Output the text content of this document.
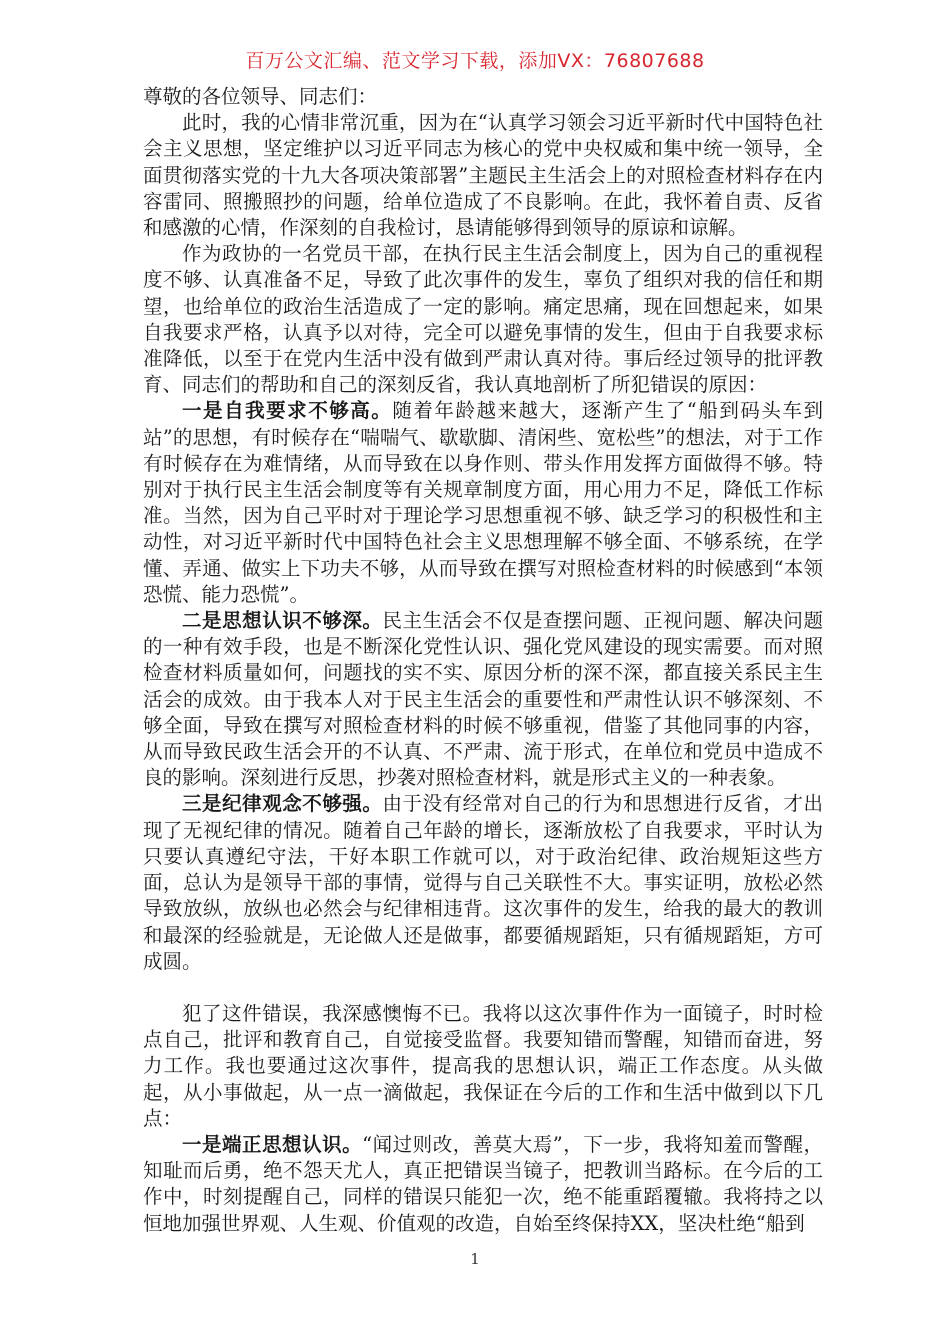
百万公文汇编、范文学习下载，添加VX：76807688

尊敬的各位领导、同志们：

此时，我的心情非常沉重，因为在“认真学习领会习近平新时代中国特色社会主义思想，坚定维护以习近平同志为核心的党中央权威和集中统一领导，全面贯彻落实党的十九大各项决策部署”主题民主生活会上的对照检查材料存在内容雷同、照搬照抄的问题，给单位造成了不良影响。在此，我怀着自责、反省和感激的心情，作深刻的自我检讨，恳请能够得到领导的原谅和谅解。

作为政协的一名党员干部，在执行民主生活会制度上，因为自己的重视程度不够、认真准备不足，导致了此次事件的发生，辜负了组织对我的信任和期望，也给单位的政治生活造成了一定的影响。痛定思痛，现在回想起来，如果自我要求严格，认真予以对待，完全可以避免事情的发生，但由于自我要求标准降低，以至于在党内生活中没有做到严肃认真对待。事后经过领导的批评教育、同志们的帮助和自己的深刻反省，我认真地剖析了所犯错误的原因：

一是自我要求不够高。随着年龄越来越大，逐渐产生了“船到码头车到站”的思想，有时候存在“喘喘气、歇歇脚、清闲些、宽松些”的想法，对于工作有时候存在为难情绪，从而导致在以身作则、带头作用发挥方面做得不够。特别对于执行民主生活会制度等有关规章制度方面，用心用力不足，降低工作标准。当然，因为自己平时对于理论学习思想重视不够、缺乏学习的积极性和主动性，对习近平新时代中国特色社会主义思想理解不够全面、不够系统，在学懂、弄通、做实上下功夫不够，从而导致在撰写对照检查材料的时候感到“本领恐慌、能力恐慌”。

二是思想认识不够深。民主生活会不仅是查摆问题、正视问题、解决问题的一种有效手段，也是不断深化党性认识、强化党风建设的现实需要。而对照检查材料质量如何，问题找的实不实、原因分析的深不深，都直接关系民主生活会的成效。由于我本人对于民主生活会的重要性和严肃性认识不够深刻、不够全面，导致在撰写对照检查材料的时候不够重视，借鉴了其他同事的内容，从而导致民政生活会开的不认真、不严肃、流于形式，在单位和党员中造成不良的影响。深刻进行反思，抄袭对照检查材料，就是形式主义的一种表象。

三是纪律观念不够强。由于没有经常对自己的行为和思想进行反省，才出现了无视纪律的情况。随着自己年龄的增长，逐渐放松了自我要求，平时认为只要认真遵纪守法，干好本职工作就可以，对于政治纪律、政治规矩这些方面，总认为是领导干部的事情，觉得与自己关联性不大。事实证明，放松必然导致放纵，放纵也必然会与纪律相违背。这次事件的发生，给我的最大的教训和最深的经验就是，无论做人还是做事，都要循规蹈矩，只有循规蹈矩，方可成圆。

犯了这件错误，我深感懊悔不已。我将以这次事件作为一面镜子，时时检点自己，批评和教育自己，自觉接受监督。我要知错而警醒，知错而奋进，努力工作。我也要通过这次事件，提高我的思想认识，端正工作态度。从头做起，从小事做起，从一点一滴做起，我保证在今后的工作和生活中做到以下几点：

一是端正思想认识。“闻过则改，善莫大焉”，下一步，我将知羞而警醒，知耻而后勇，绝不怨天尤人，真正把错误当镜子，把教训当路标。在今后的工作中，时刻提醒自己，同样的错误只能犯一次，绝不能重蹈覆辙。我将持之以恒地加强世界观、人生观、价值观的改造，自始至终保持XX，坚决杜绝“船到

1
